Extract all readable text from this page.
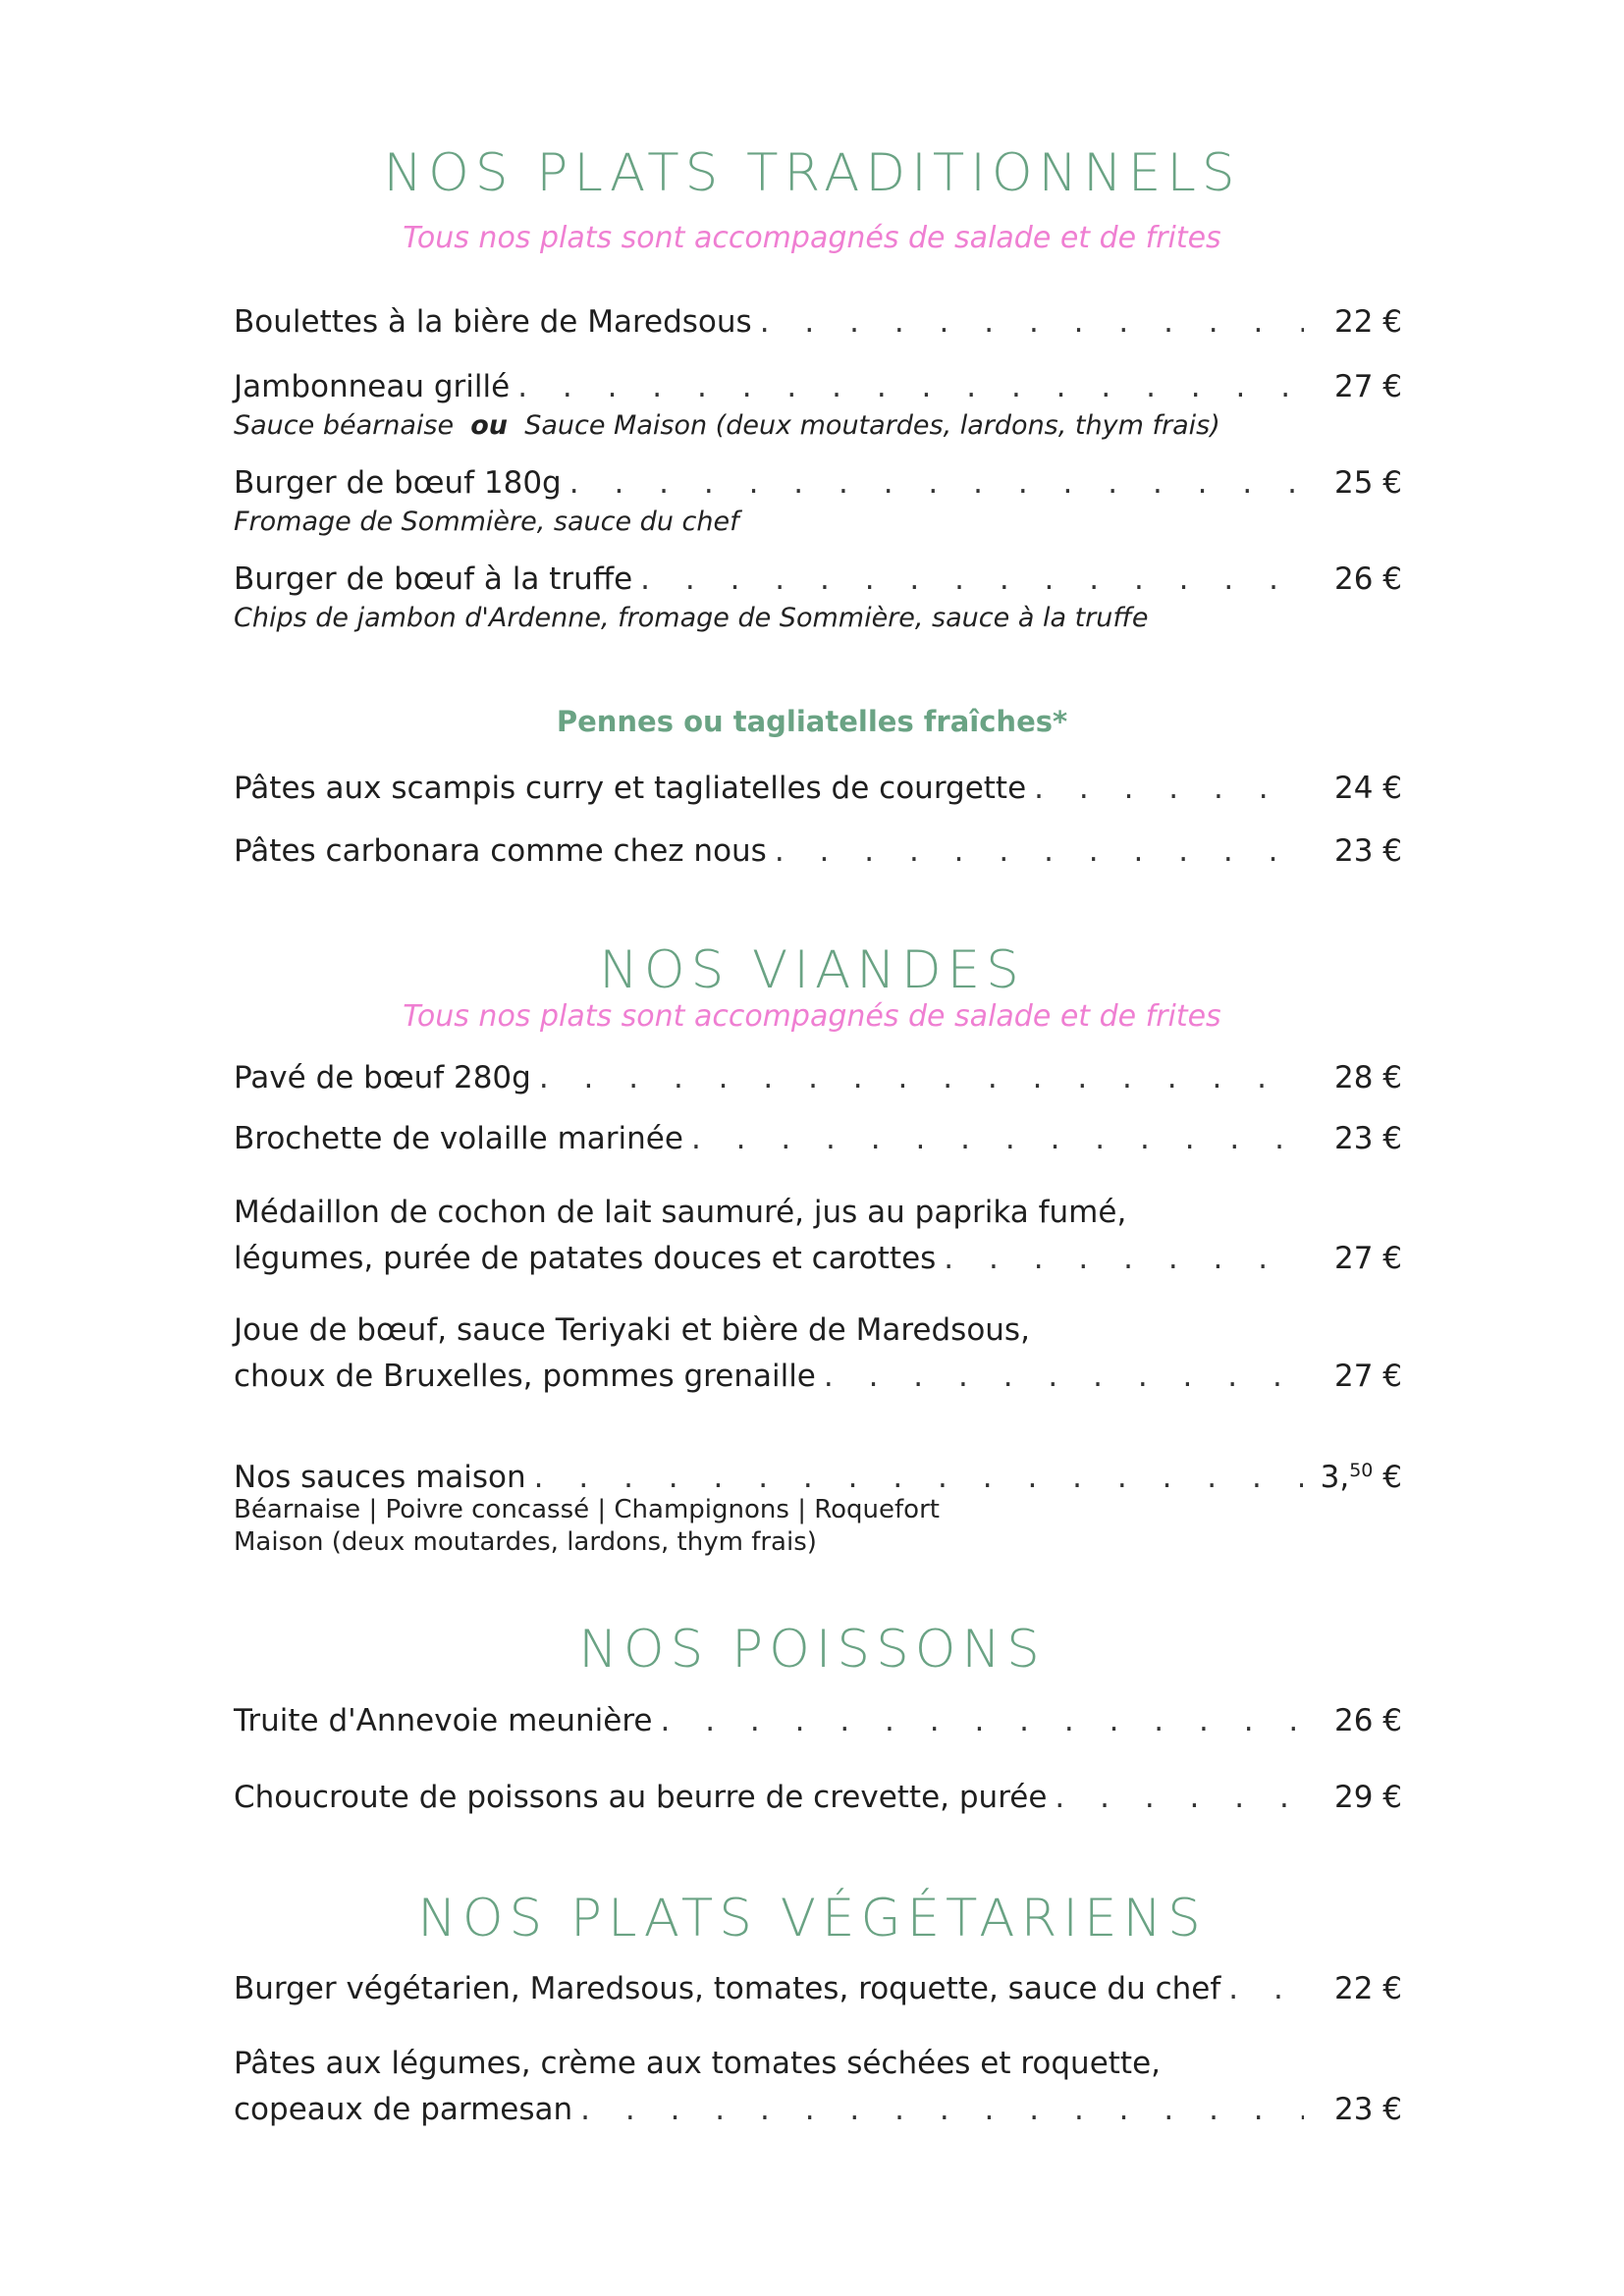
NOS PLATS TRADITIONNELS
Tous nos plats sont accompagnés de salade et de frites
Boulettes à la bière de Maredsous . . .	22 €
Jambonneau grillé . . .	27 €
Sauce béarnaise ou Sauce Maison (deux moutardes, lardons, thym frais)
Burger de bœuf 180g . . .	25 €
Fromage de Sommière, sauce du chef
Burger de bœuf à la truffe . . .	26 €
Chips de jambon d'Ardenne, fromage de Sommière, sauce à la truffe
Pennes ou tagliatelles fraîches*
Pâtes aux scampis curry et tagliatelles de courgette . . .	24 €
Pâtes carbonara comme chez nous . . .	23 €
NOS VIANDES
Tous nos plats sont accompagnés de salade et de frites
Pavé de bœuf 280g . . .	28 €
Brochette de volaille marinée . . .	23 €
Médaillon de cochon de lait saumuré, jus au paprika fumé,
légumes, purée de patates douces et carottes . . .	27 €
Joue de bœuf, sauce Teriyaki et bière de Maredsous,
choux de Bruxelles, pommes grenaille . . .	27 €
Nos sauces maison . . .	3,50 €
Béarnaise | Poivre concassé | Champignons | Roquefort
Maison (deux moutardes, lardons, thym frais)
NOS POISSONS
Truite d'Annevoie meunière . . .	26 €
Choucroute de poissons au beurre de crevette, purée . . .	29 €
NOS PLATS VÉGÉTARIENS
Burger végétarien, Maredsous, tomates, roquette, sauce du chef . . .	22 €
Pâtes aux légumes, crème aux tomates séchées et roquette,
copeaux de parmesan . . .	23 €
